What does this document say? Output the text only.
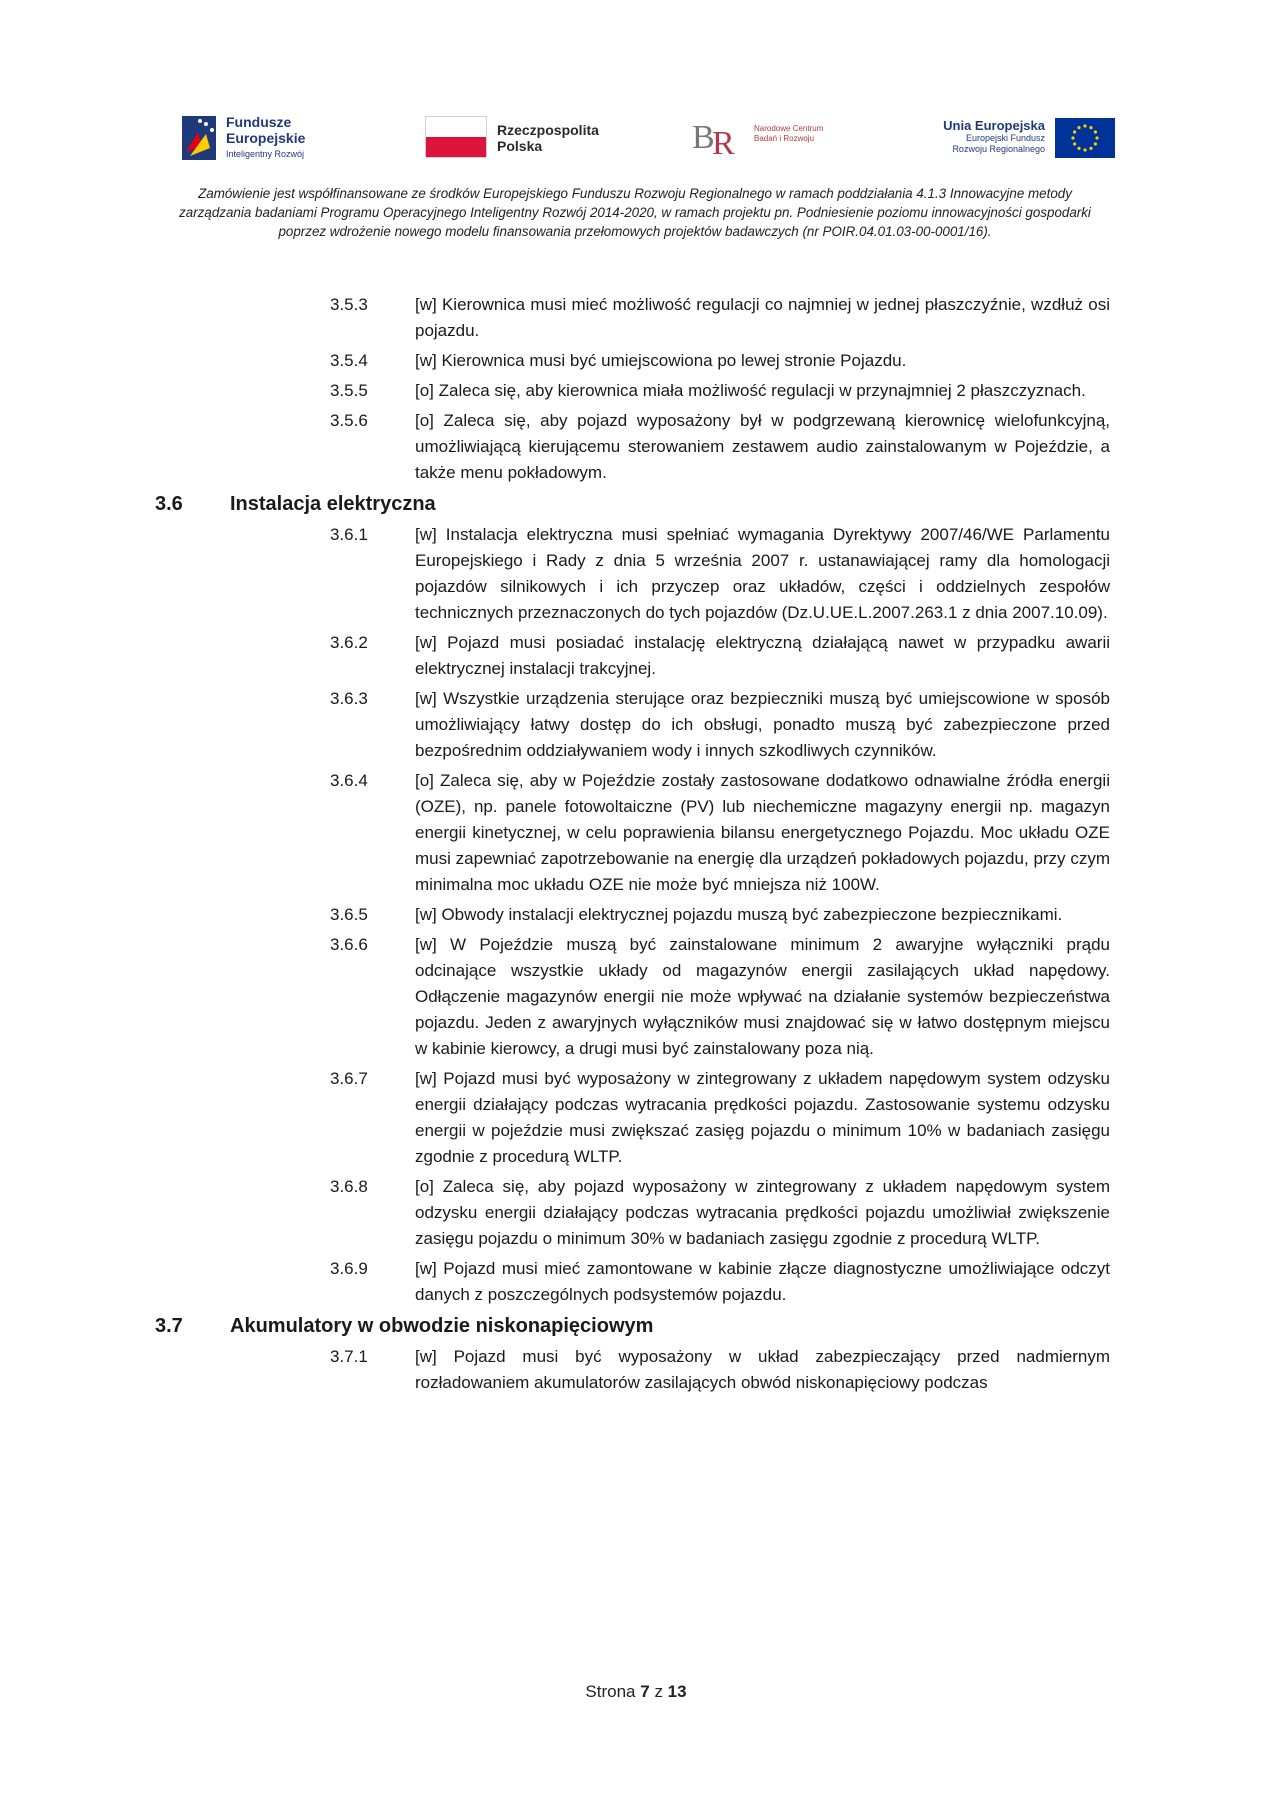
Fundusze
Europejskie
Inteligentny Rozwój
Rzeczpospolita
Polska	B
R Narodowe Centrum
Badań i Rozwoju
Unia Europejska
Europejski Fundusz
Rozwoju Regionalnego
Zamówienie jest współfinansowane ze środków Europejskiego Funduszu Rozwoju Regionalnego w ramach poddziałania 4.1.3 Innowacyjne metody zarządzania badaniami Programu Operacyjnego Inteligentny Rozwój 2014-2020, w ramach projektu pn. Podniesienie poziomu innowacyjności gospodarki poprzez wdrożenie nowego modelu finansowania przełomowych projektów badawczych (nr POIR.04.01.03-00-0001/16).
3.5.3	[w] Kierownica musi mieć możliwość regulacji co najmniej w jednej płaszczyźnie, wzdłuż osi pojazdu.
3.5.4	[w] Kierownica musi być umiejscowiona po lewej stronie Pojazdu.
3.5.5	[o] Zaleca się, aby kierownica miała możliwość regulacji w przynajmniej 2 płaszczyznach.
3.5.6	[o] Zaleca się, aby pojazd wyposażony był w podgrzewaną kierownicę wielofunkcyjną, umożliwiającą kierującemu sterowaniem zestawem audio zainstalowanym w Pojeździe, a także menu pokładowym.
3.6	Instalacja elektryczna
3.6.1	[w] Instalacja elektryczna musi spełniać wymagania Dyrektywy 2007/46/WE Parlamentu Europejskiego i Rady z dnia 5 września 2007 r. ustanawiającej ramy dla homologacji pojazdów silnikowych i ich przyczep oraz układów, części i oddzielnych zespołów technicznych przeznaczonych do tych pojazdów (Dz.U.UE.L.2007.263.1 z dnia 2007.10.09).
3.6.2	[w] Pojazd musi posiadać instalację elektryczną działającą nawet w przypadku awarii elektrycznej instalacji trakcyjnej.
3.6.3	[w] Wszystkie urządzenia sterujące oraz bezpieczniki muszą być umiejscowione w sposób umożliwiający łatwy dostęp do ich obsługi, ponadto muszą być zabezpieczone przed bezpośrednim oddziaływaniem wody i innych szkodliwych czynników.
3.6.4	[o] Zaleca się, aby w Pojeździe zostały zastosowane dodatkowo odnawialne źródła energii (OZE), np. panele fotowoltaiczne (PV) lub niechemiczne magazyny energii np. magazyn energii kinetycznej, w celu poprawienia bilansu energetycznego Pojazdu. Moc układu OZE musi zapewniać zapotrzebowanie na energię dla urządzeń pokładowych pojazdu, przy czym minimalna moc układu OZE nie może być mniejsza niż 100W.
3.6.5	[w] Obwody instalacji elektrycznej pojazdu muszą być zabezpieczone bezpiecznikami.
3.6.6	[w] W Pojeździe muszą być zainstalowane minimum 2 awaryjne wyłączniki prądu odcinające wszystkie układy od magazynów energii zasilających układ napędowy. Odłączenie magazynów energii nie może wpływać na działanie systemów bezpieczeństwa pojazdu. Jeden z awaryjnych wyłączników musi znajdować się w łatwo dostępnym miejscu w kabinie kierowcy, a drugi musi być zainstalowany poza nią.
3.6.7	[w] Pojazd musi być wyposażony w zintegrowany z układem napędowym system odzysku energii działający podczas wytracania prędkości pojazdu. Zastosowanie systemu odzysku energii w pojeździe musi zwiększać zasięg pojazdu o minimum 10% w badaniach zasięgu zgodnie z procedurą WLTP.
3.6.8	[o] Zaleca się, aby pojazd wyposażony w zintegrowany z układem napędowym system odzysku energii działający podczas wytracania prędkości pojazdu umożliwiał zwiększenie zasięgu pojazdu o minimum 30% w badaniach zasięgu zgodnie z procedurą WLTP.
3.6.9	[w] Pojazd musi mieć zamontowane w kabinie złącze diagnostyczne umożliwiające odczyt danych z poszczególnych podsystemów pojazdu.
3.7	Akumulatory w obwodzie niskonapięciowym
3.7.1	[w] Pojazd musi być wyposażony w układ zabezpieczający przed nadmiernym rozładowaniem akumulatorów zasilających obwód niskonapięciowy podczas
Strona 7 z 13
